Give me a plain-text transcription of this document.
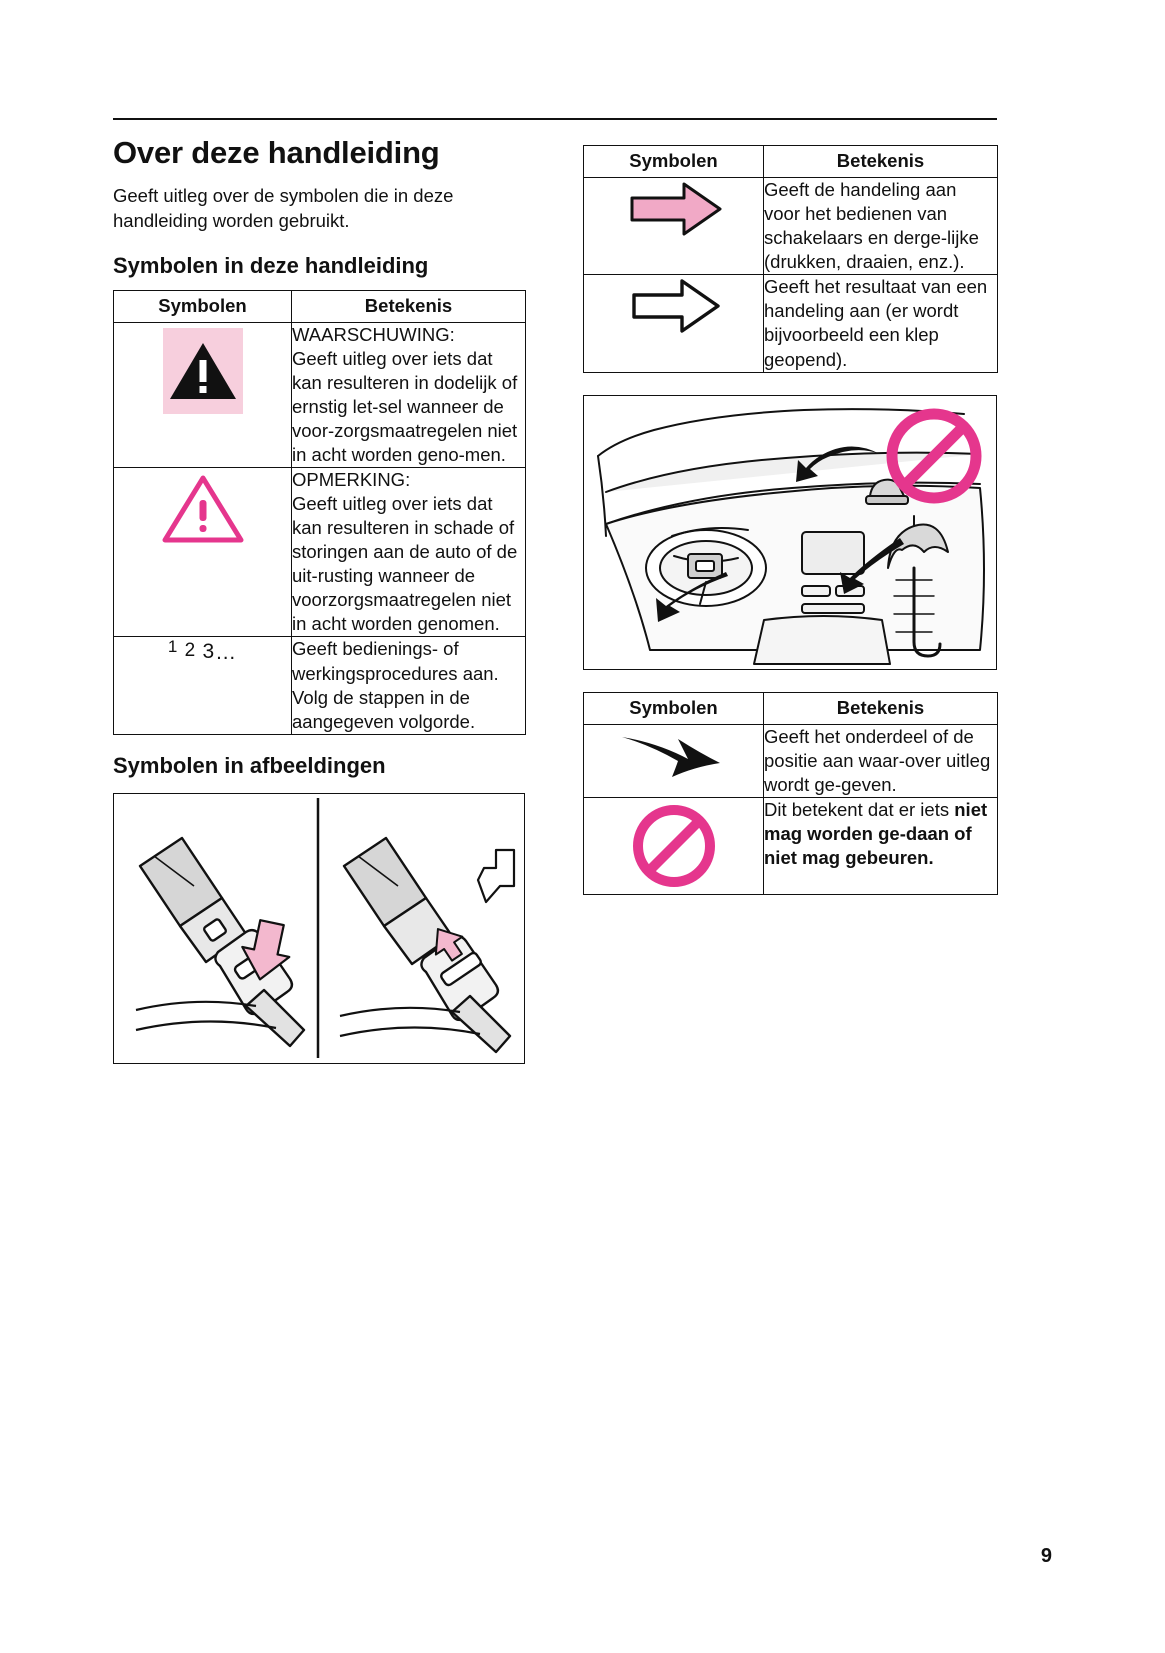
Over deze handleiding

Geeft uitleg over de symbolen die in deze handleiding worden gebruikt.

Symbolen in deze handleiding
Symbolen	Betekenis

	WAARSCHUWING:
Geeft uitleg over iets dat kan resulteren in dodelijk of ernstig let‑sel wanneer de voor‑zorgsmaatregelen niet in acht worden geno‑men.

	OPMERKING:
Geeft uitleg over iets dat kan resulteren in schade of storingen aan de auto of de uit‑rusting wanneer de voorzorgsmaatregelen niet in acht worden genomen.
1 2 3…	Geeft bedienings- of werkingsprocedures aan. Volg de stappen in de aangegeven volgorde.
Symbolen in afbeeldingen
Symbolen	Betekenis

	Geeft de handeling aan voor het bedienen van schakelaars en derge‑lijke (drukken, draaien, enz.).

	Geeft het resultaat van een handeling aan (er wordt bijvoorbeeld een klep geopend).
Symbolen	Betekenis

	Geeft het onderdeel of de positie aan waar‑over uitleg wordt ge‑geven.

	Dit betekent dat er iets niet mag worden ge‑daan of niet mag gebeuren.
9
